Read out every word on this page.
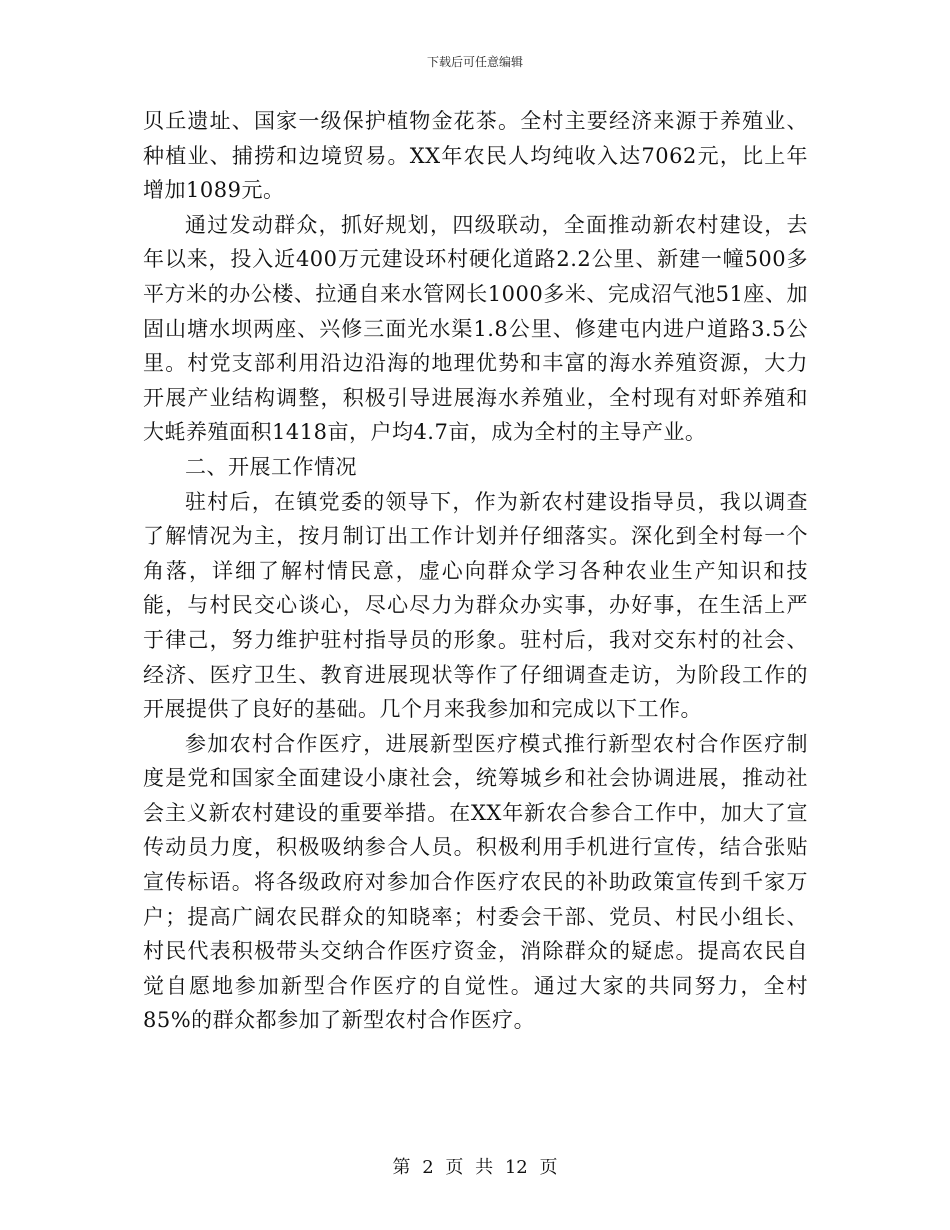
下载后可任意编辑

贝丘遗址、国家一级保护植物金花茶。全村主要经济来源于养殖业、种植业、捕捞和边境贸易。XX年农民人均纯收入达7062元，比上年增加1089元。

通过发动群众，抓好规划，四级联动，全面推动新农村建设，去年以来，投入近400万元建设环村硬化道路2.2公里、新建一幢500多平方米的办公楼、拉通自来水管网长1000多米、完成沼气池51座、加固山塘水坝两座、兴修三面光水渠1.8公里、修建屯内进户道路3.5公里。村党支部利用沿边沿海的地理优势和丰富的海水养殖资源，大力开展产业结构调整，积极引导进展海水养殖业，全村现有对虾养殖和大蚝养殖面积1418亩，户均4.7亩，成为全村的主导产业。

二、开展工作情况

驻村后，在镇党委的领导下，作为新农村建设指导员，我以调查了解情况为主，按月制订出工作计划并仔细落实。深化到全村每一个角落，详细了解村情民意，虚心向群众学习各种农业生产知识和技能，与村民交心谈心，尽心尽力为群众办实事，办好事，在生活上严于律己，努力维护驻村指导员的形象。驻村后，我对交东村的社会、经济、医疗卫生、教育进展现状等作了仔细调查走访，为阶段工作的开展提供了良好的基础。几个月来我参加和完成以下工作。

参加农村合作医疗，进展新型医疗模式推行新型农村合作医疗制度是党和国家全面建设小康社会，统筹城乡和社会协调进展，推动社会主义新农村建设的重要举措。在XX年新农合参合工作中，加大了宣传动员力度，积极吸纳参合人员。积极利用手机进行宣传，结合张贴宣传标语。将各级政府对参加合作医疗农民的补助政策宣传到千家万户；提高广阔农民群众的知晓率；村委会干部、党员、村民小组长、村民代表积极带头交纳合作医疗资金，消除群众的疑虑。提高农民自觉自愿地参加新型合作医疗的自觉性。通过大家的共同努力，全村85%的群众都参加了新型农村合作医疗。

第 2 页 共 12 页
